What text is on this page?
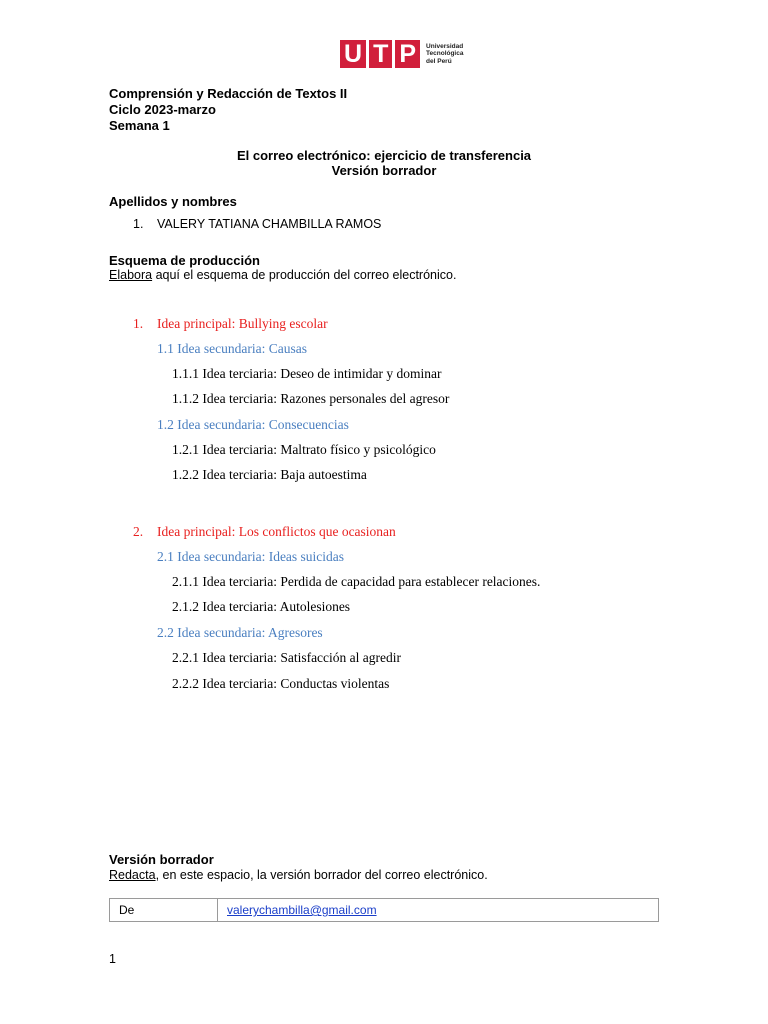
U T P	Universidad
Tecnológica
del Perú
Comprensión y Redacción de Textos II
Ciclo 2023-marzo
Semana 1
El correo electrónico: ejercicio de transferencia
Versión borrador
Apellidos y nombres
1. VALERY TATIANA CHAMBILLA RAMOS
Esquema de producción
Elabora aquí el esquema de producción del correo electrónico.
1. Idea principal: Bullying escolar
1.1 Idea secundaria: Causas
1.1.1 Idea terciaria: Deseo de intimidar y dominar
1.1.2 Idea terciaria: Razones personales del agresor
1.2 Idea secundaria: Consecuencias
1.2.1 Idea terciaria: Maltrato físico y psicológico
1.2.2 Idea terciaria: Baja autoestima
2. Idea principal: Los conflictos que ocasionan
2.1 Idea secundaria: Ideas suicidas
2.1.1 Idea terciaria: Perdida de capacidad para establecer relaciones.
2.1.2 Idea terciaria: Autolesiones
2.2 Idea secundaria: Agresores
2.2.1 Idea terciaria: Satisfacción al agredir
2.2.2 Idea terciaria: Conductas violentas
Versión borrador
Redacta, en este espacio, la versión borrador del correo electrónico.
De	valerychambilla@gmail.com
1
